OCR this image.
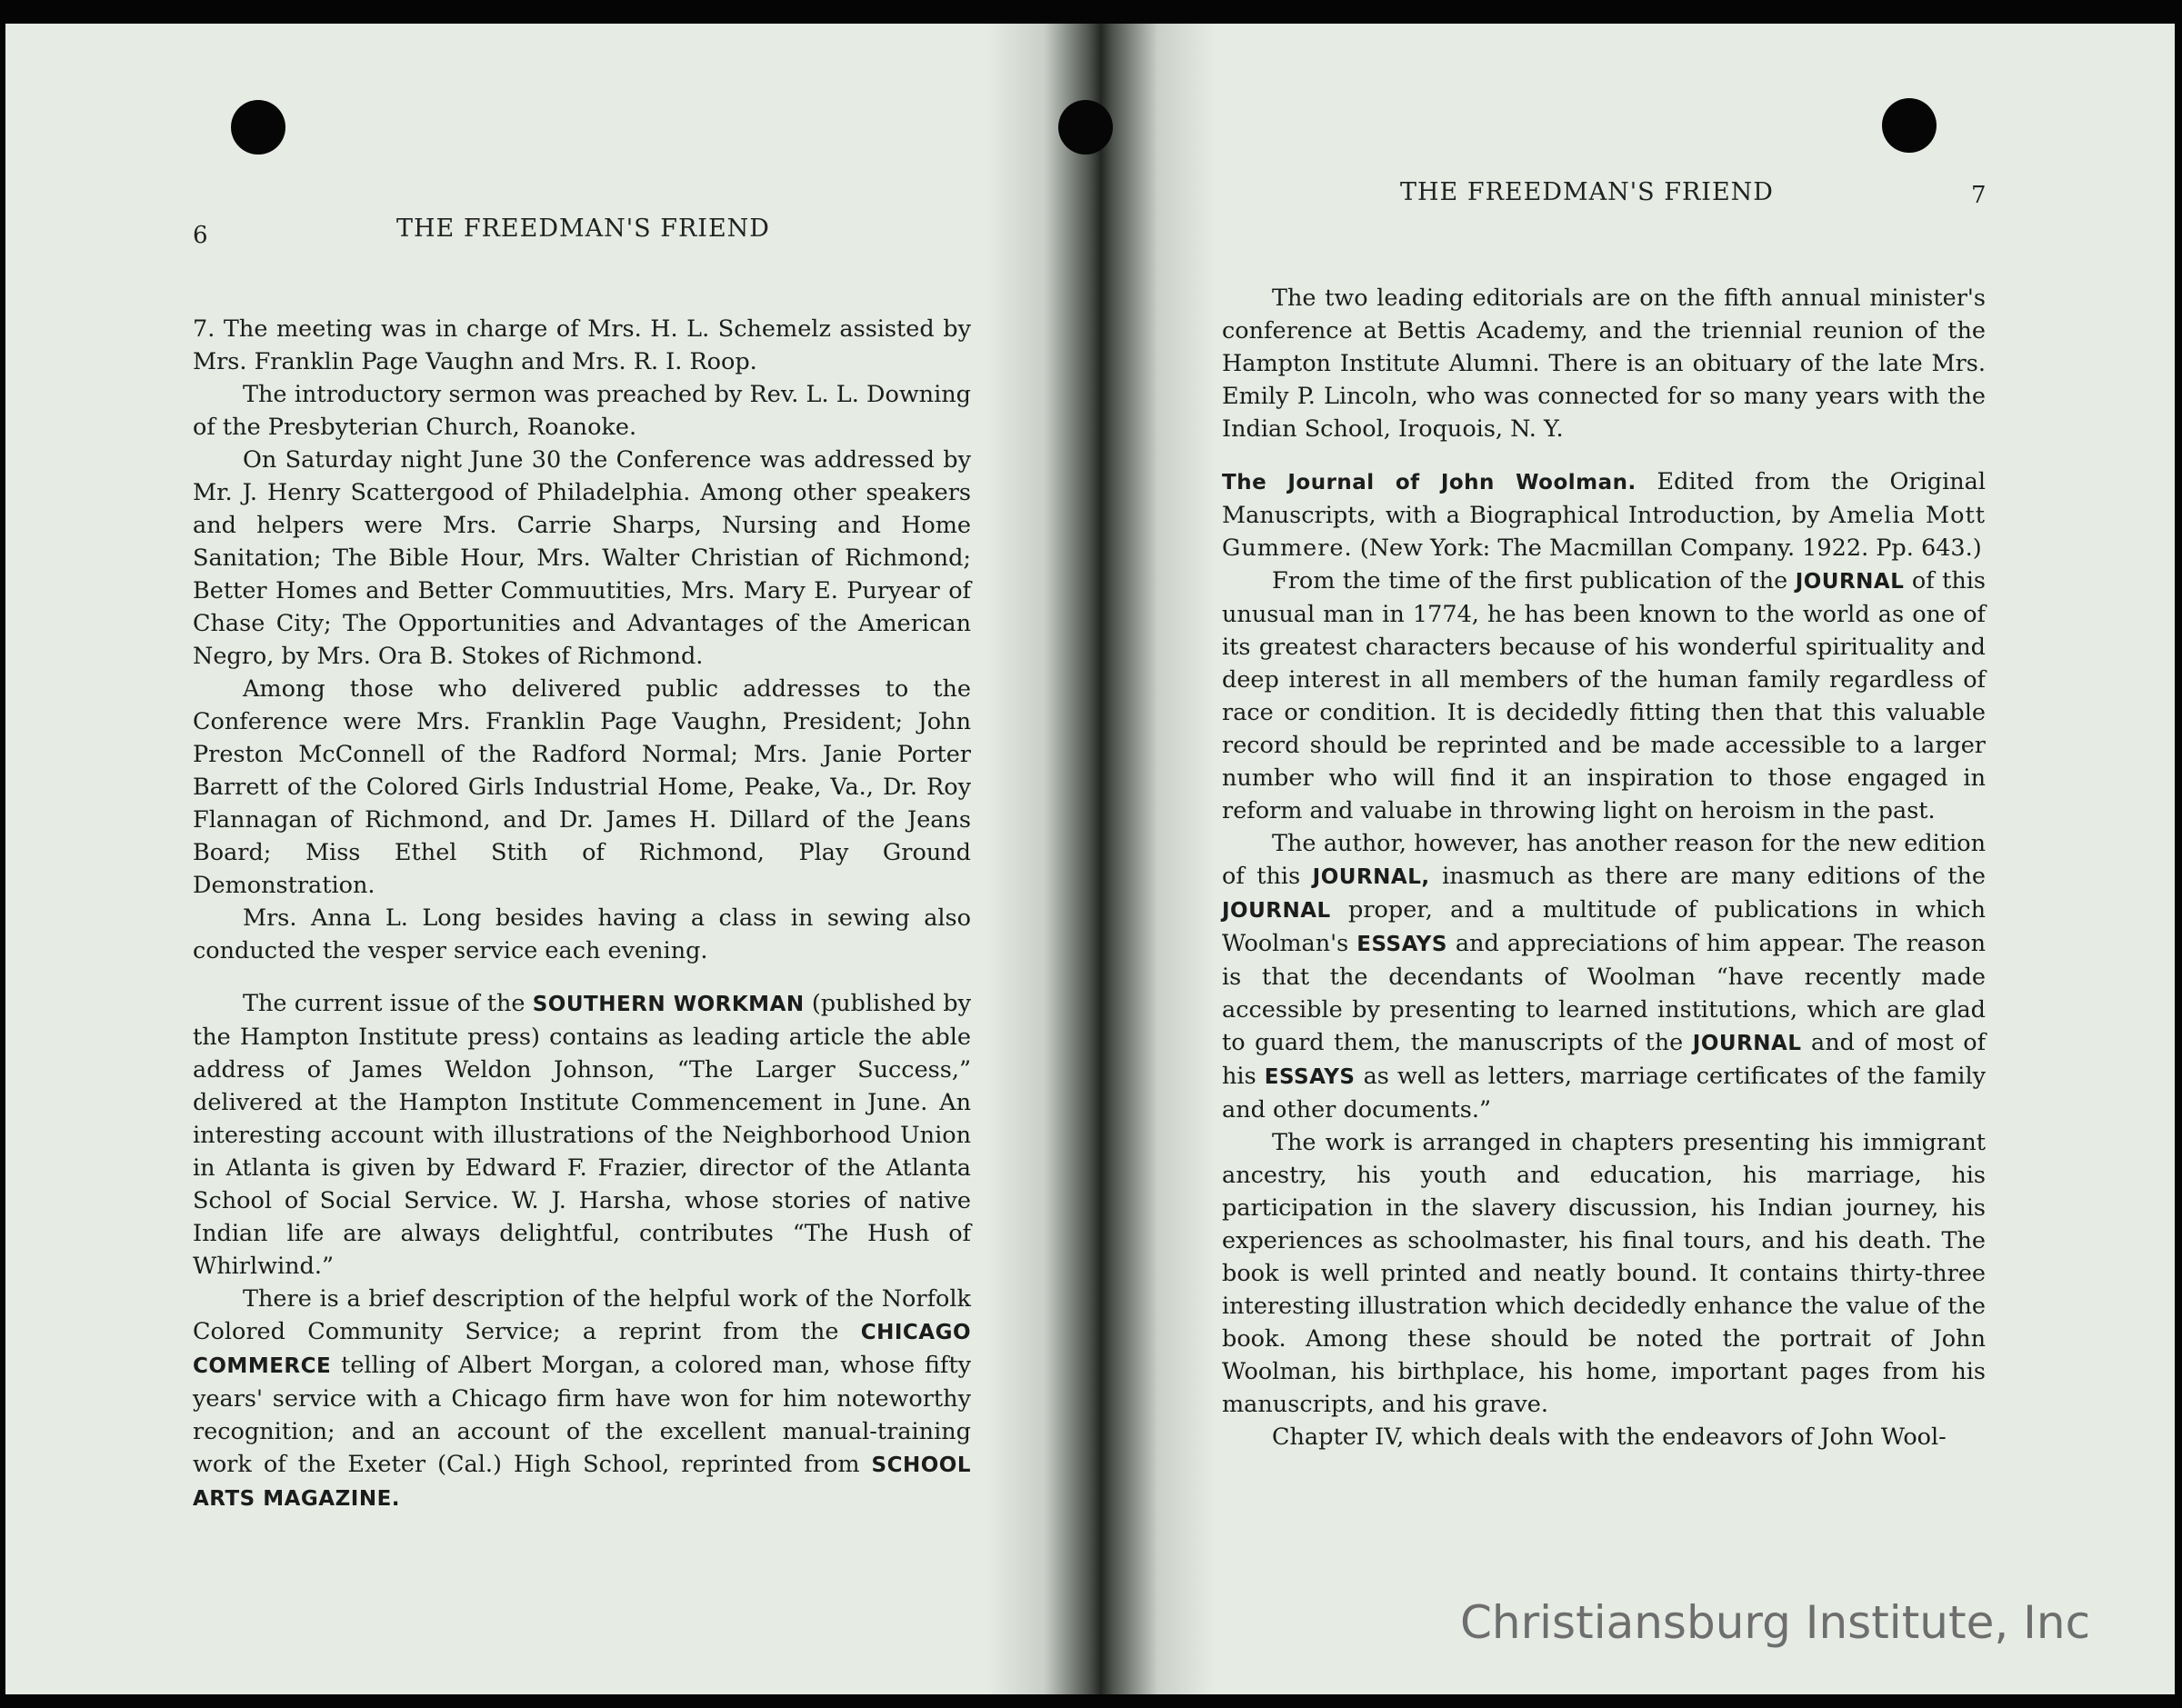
6	THE FREEDMAN'S FRIEND

7. The meeting was in charge of Mrs. H. L. Schemelz assisted by Mrs. Franklin Page Vaughn and Mrs. R. I. Roop.

The introductory sermon was preached by Rev. L. L. Downing of the Presbyterian Church, Roanoke.

On Saturday night June 30 the Conference was addressed by Mr. J. Henry Scattergood of Philadelphia. Among other speakers and helpers were Mrs. Carrie Sharps, Nursing and Home Sanitation; The Bible Hour, Mrs. Walter Christian of Richmond; Better Homes and Better Commuutities, Mrs. Mary E. Puryear of Chase City; The Opportunities and Advantages of the American Negro, by Mrs. Ora B. Stokes of Richmond.

Among those who delivered public addresses to the Conference were Mrs. Franklin Page Vaughn, President; John Preston McConnell of the Radford Normal; Mrs. Janie Porter Barrett of the Colored Girls Industrial Home, Peake, Va., Dr. Roy Flannagan of Richmond, and Dr. James H. Dillard of the Jeans Board; Miss Ethel Stith of Richmond, Play Ground Demonstration.

Mrs. Anna L. Long besides having a class in sewing also conducted the vesper service each evening.

The current issue of the SOUTHERN WORKMAN (published by the Hampton Institute press) contains as leading article the able address of James Weldon Johnson, “The Larger Success,” delivered at the Hampton Institute Commencement in June. An interesting account with illustrations of the Neighborhood Union in Atlanta is given by Edward F. Frazier, director of the Atlanta School of Social Service. W. J. Harsha, whose stories of native Indian life are always delightful, contributes “The Hush of Whirlwind.”

There is a brief description of the helpful work of the Norfolk Colored Community Service; a reprint from the CHICAGO COMMERCE telling of Albert Morgan, a colored man, whose fifty years' service with a Chicago firm have won for him noteworthy recognition; and an account of the excellent manual-training work of the Exeter (Cal.) High School, reprinted from SCHOOL ARTS MAGAZINE.

THE FREEDMAN'S FRIEND	7

The two leading editorials are on the fifth annual minister's conference at Bettis Academy, and the triennial reunion of the Hampton Institute Alumni. There is an obituary of the late Mrs. Emily P. Lincoln, who was connected for so many years with the Indian School, Iroquois, N. Y.

The Journal of John Woolman. Edited from the Original Manuscripts, with a Biographical Introduction, by Amelia Mott Gummere. (New York: The Macmillan Company. 1922. Pp. 643.)

From the time of the first publication of the JOURNAL of this unusual man in 1774, he has been known to the world as one of its greatest characters because of his wonderful spirituality and deep interest in all members of the human family regardless of race or condition. It is decidedly fitting then that this valuable record should be reprinted and be made accessible to a larger number who will find it an inspiration to those engaged in reform and valuabe in throwing light on heroism in the past.

The author, however, has another reason for the new edition of this JOURNAL, inasmuch as there are many editions of the JOURNAL proper, and a multitude of publications in which Woolman's ESSAYS and appreciations of him appear. The reason is that the decendants of Woolman “have recently made accessible by presenting to learned institutions, which are glad to guard them, the manuscripts of the JOURNAL and of most of his ESSAYS as well as letters, marriage certificates of the family and other documents.”

The work is arranged in chapters presenting his immigrant ancestry, his youth and education, his marriage, his participation in the slavery discussion, his Indian journey, his experiences as schoolmaster, his final tours, and his death. The book is well printed and neatly bound. It contains thirty-three interesting illustration which decidedly enhance the value of the book. Among these should be noted the portrait of John Woolman, his birthplace, his home, important pages from his manuscripts, and his grave.

Chapter IV, which deals with the endeavors of John Wool-

Christiansburg Institute, Inc
